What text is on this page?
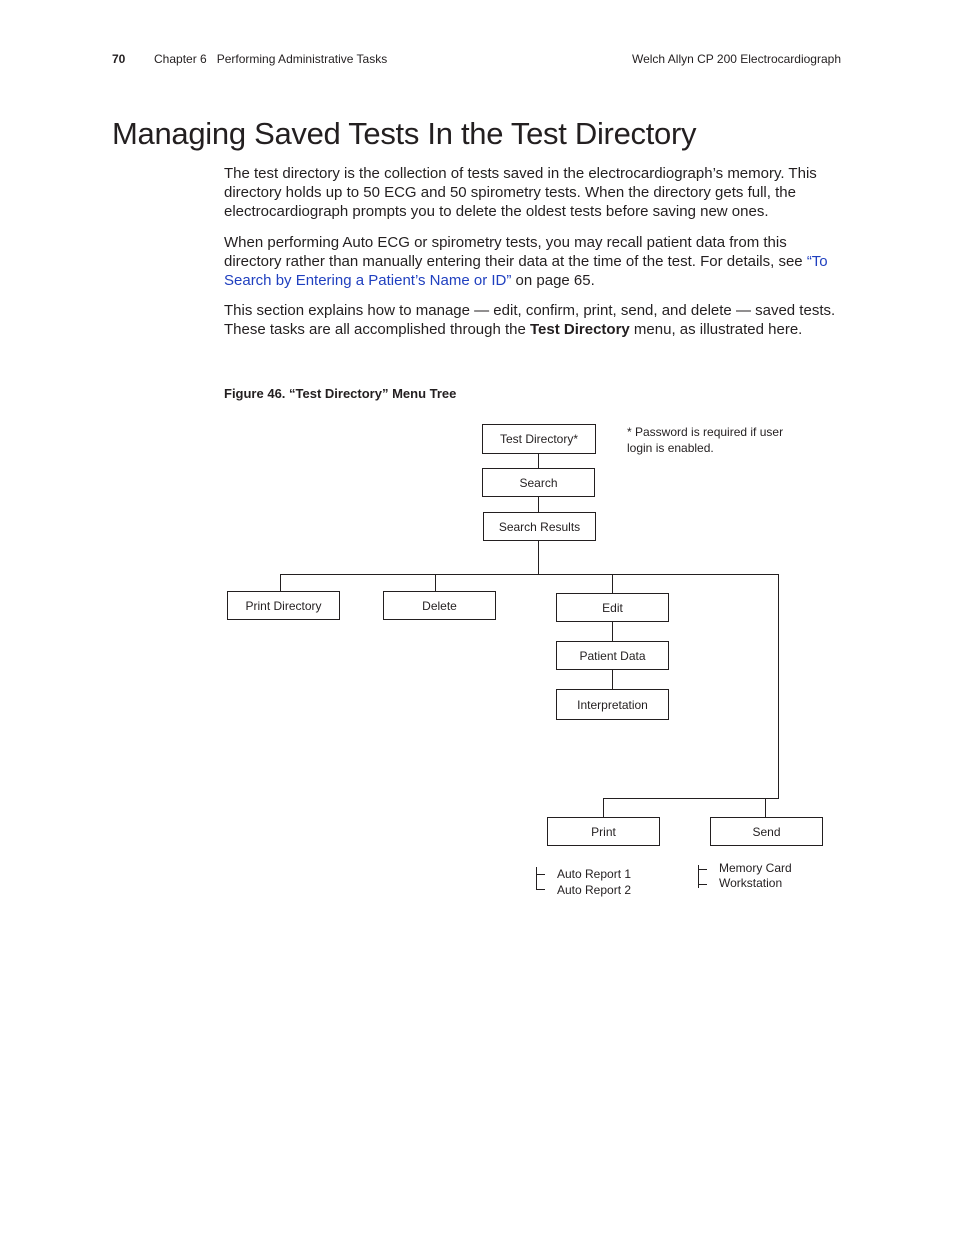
70 Chapter 6   Performing Administrative Tasks	Welch Allyn CP 200 Electrocardiograph
Managing Saved Tests In the Test Directory

The test directory is the collection of tests saved in the electrocardiograph’s memory. This directory holds up to 50 ECG and 50 spirometry tests. When the directory gets full, the electrocardiograph prompts you to delete the oldest tests before saving new ones.

When performing Auto ECG or spirometry tests, you may recall patient data from this directory rather than manually entering their data at the time of the test. For details, see “To Search by Entering a Patient’s Name or ID” on page 65.

This section explains how to manage — edit, confirm, print, send, and delete — saved tests. These tasks are all accomplished through the Test Directory menu, as illustrated here.

Figure 46. “Test Directory” Menu Tree
Test Directory*
Search
Search Results
Print Directory	Delete	Edit
Patient Data
Interpretation
Print	Send
* Password is required if user
login is enabled.
Auto Report 1
Auto Report 2
Memory Card
Workstation
